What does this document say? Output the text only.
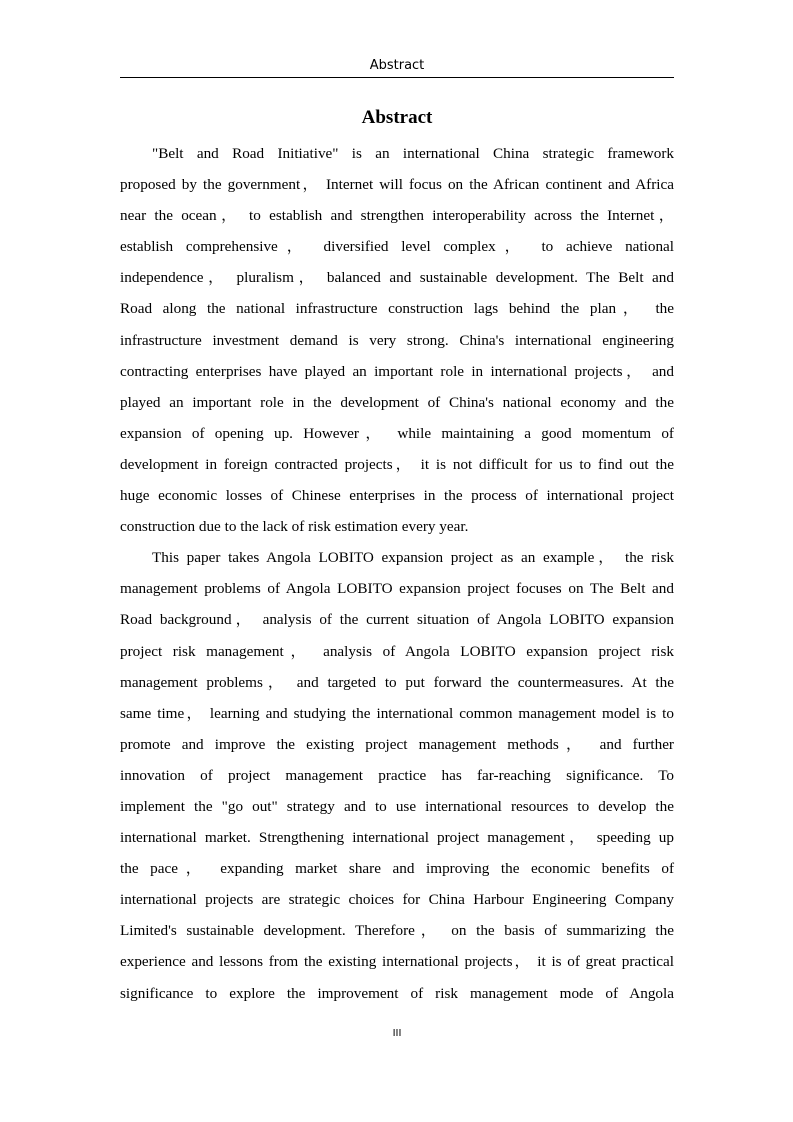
Abstract
Abstract
"Belt and Road Initiative" is an international China strategic framework
proposed by the government， Internet will focus on the African continent and Africa
near the ocean， to establish and strengthen interoperability across the Internet，
establish comprehensive， diversified level complex， to achieve national
independence， pluralism， balanced and sustainable development. The Belt and
Road along the national infrastructure construction lags behind the plan， the
infrastructure investment demand is very strong. China's international engineering
contracting enterprises have played an important role in international projects， and
played an important role in the development of China's national economy and the
expansion of opening up. However， while maintaining a good momentum of
development in foreign contracted projects， it is not difficult for us to find out the
huge economic losses of Chinese enterprises in the process of international project
construction due to the lack of risk estimation every year.
This paper takes Angola LOBITO expansion project as an example， the risk
management problems of Angola LOBITO expansion project focuses on The Belt and
Road background， analysis of the current situation of Angola LOBITO expansion
project risk management， analysis of Angola LOBITO expansion project risk
management problems， and targeted to put forward the countermeasures. At the
same time， learning and studying the international common management model is to
promote and improve the existing project management methods， and further
innovation of project management practice has far-reaching significance. To
implement the "go out" strategy and to use international resources to develop the
international market. Strengthening international project management， speeding up
the pace， expanding market share and improving the economic benefits of
international projects are strategic choices for China Harbour Engineering Company
Limited's sustainable development. Therefore， on the basis of summarizing the
experience and lessons from the existing international projects， it is of great practical
significance to explore the improvement of risk management mode of Angola
III
